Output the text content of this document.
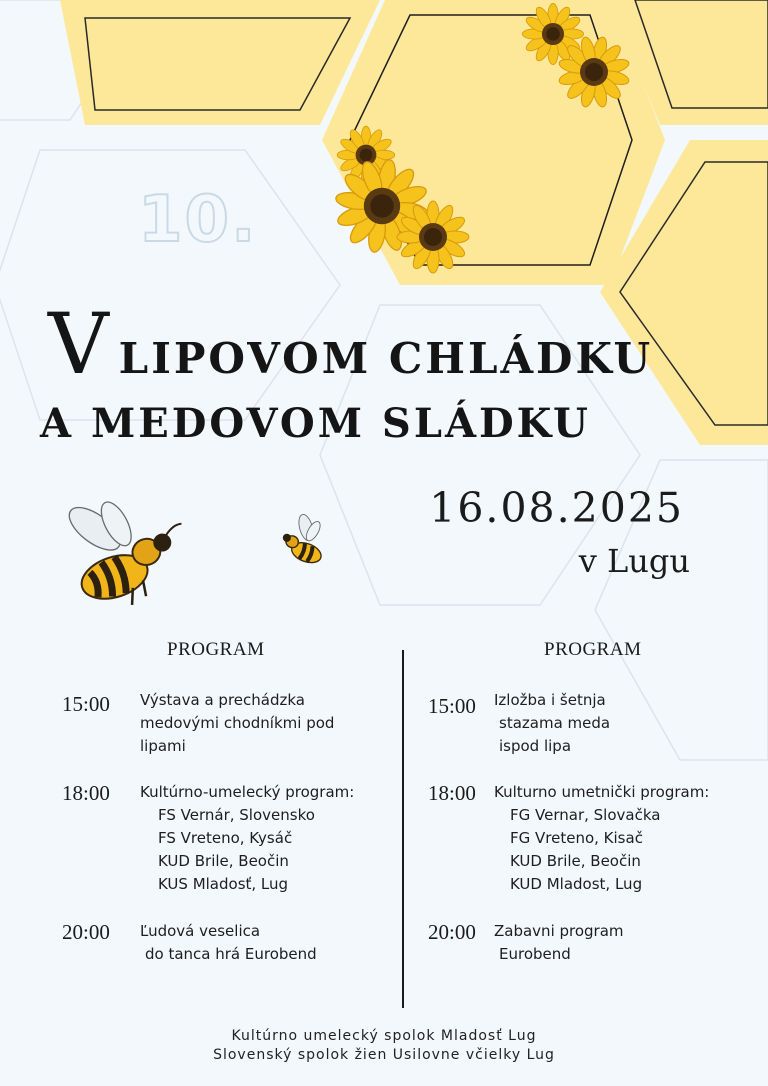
10.
VLIPOVOM CHLÁDKU
A MEDOVOM SLÁDKU
16.08.2025
v Lugu
PROGRAM	PROGRAM
15:00 Výstava a prechádzka
medovými chodníkmi pod
lipami
18:00 Kultúrno-umelecký program:
FS Vernár, Slovensko
FS Vreteno, Kysáč
KUD Brile, Beočin
KUS Mladosť, Lug
20:00 Ľudová veselica
do tanca hrá Eurobend
15:00 Izložba i šetnja
stazama meda
ispod lipa
18:00 Kulturno umetnički program:
FG Vernar, Slovačka
FG Vreteno, Kisač
KUD Brile, Beočin
KUD Mladost, Lug
20:00 Zabavni program
Eurobend
Kultúrno umelecký spolok Mladosť Lug
Slovenský spolok žien Usilovne včielky Lug
